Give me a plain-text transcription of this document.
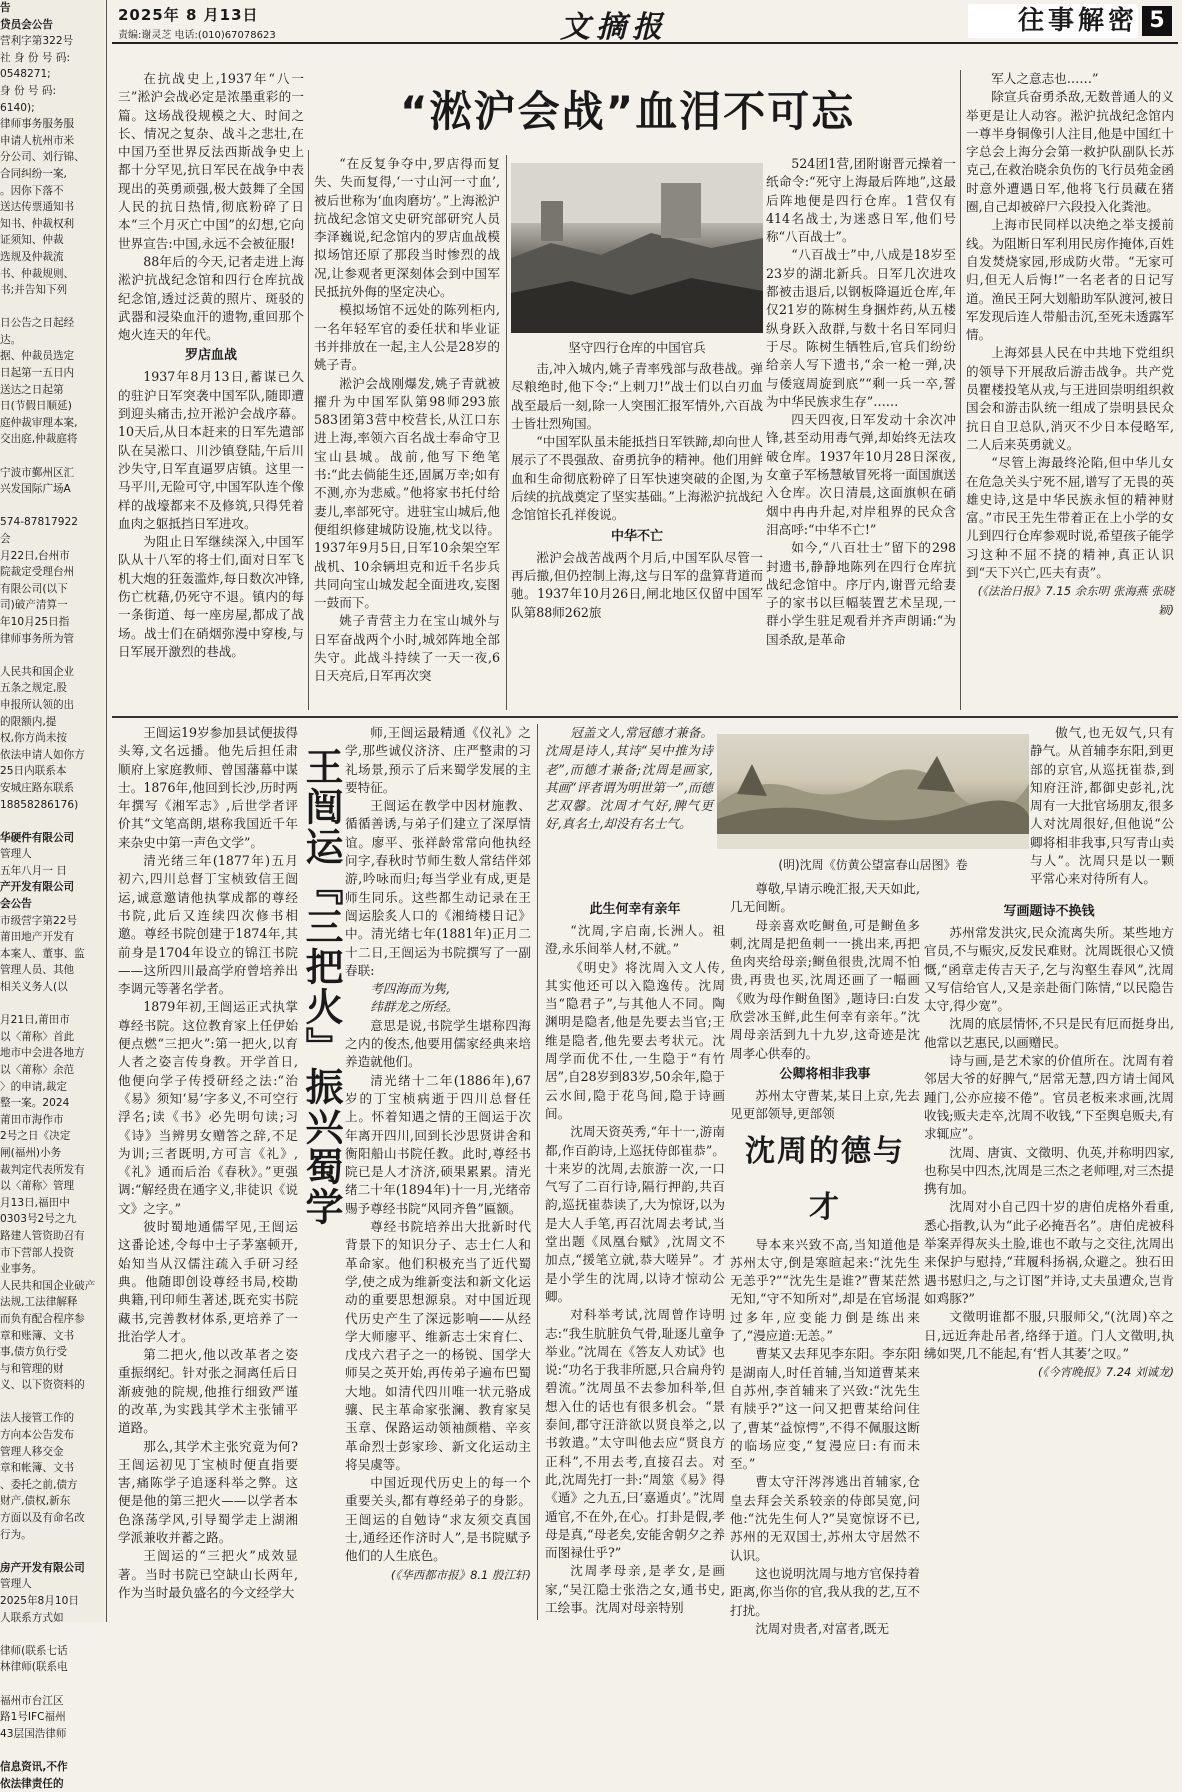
告
贷员会公告
营利字第322号
社 身 份 号 码:
0548271;
身 份 号 码:
6140);
律师事务服务服
申请人杭州市米
分公司、刘行锦、
合同纠纷一案,
。因你下落不
送达传票通知书
知书、仲裁权利
证须知、仲裁
选规及仲裁流
书、仲裁规则、
书;并告知下列

日公告之日起经
达。
据、仲裁员选定
日起第一五日内
送达之日起第
日(节假日顺延)
庭仲裁审理本案,
交出庭,仲裁庭将

宁波市鄞州区汇
兴发国际广场A

574-87817922
会
月22日,台州市
院裁定受理台州
有限公司(以下
司)破产清算一
年10月25日指
律师事务所为管

人民共和国企业
五条之规定,股
申报所认领的出
的限额内,提
权,你方尚未按
依法申请人如你方
25日内联系本
安城庄路东联系
18858286176)

华硬件有限公司
管理人
五年八月一 日
产开发有限公司
会公告
市级营字第22号
莆田地产开发有
本案人、董事、监
管理人员、其他
相关义务人(以

月21日,莆田市
以〈莆称〉首此
地市中会进各地方
以〈莆称〉余范
〉的申请,裁定
整一案。2024
莆田市海作市
2号之日《决定
闸(福州)小务
裁判定代表所发有
以〈莆称〉管理
月13日,福田中
0303号2号之九
路建人管资助召有
市下营部人投资
业事务。
人民共和国企业破产
法规,工法律解释
而负有配合程序参
章和账簿、文书
事,债方负行受
与和管理的财
义、以下资资料的

法人接管工作的
方向本公告发布
管理人移交金
章和帐簿、文书
、委托之前,债方
财产,债权,新东
方面以及有命名改
行为。

房产开发有限公司
管理人
2025年8月10日
人联系方式如

律师(联系七话
林律师(联系电

福州市台江区
路1号IFC福州
43层国浩律师

信息资讯,不作
依法律责任的
2025年 8 月13日
责编:谢灵芝 电话:(010)67078623	文摘报	往事解密 5
“淞沪会战”血泪不可忘

在抗战史上,1937年“八一三”淞沪会战必定是浓墨重彩的一篇。这场战役规模之大、时间之长、情况之复杂、战斗之悲壮,在中国乃至世界反法西斯战争史上都十分罕见,抗日军民在战争中表现出的英勇顽强,极大鼓舞了全国人民的抗日热情,彻底粉碎了日本“三个月灭亡中国”的幻想,它向世界宣告:中国,永远不会被征服!

88年后的今天,记者走进上海淞沪抗战纪念馆和四行仓库抗战纪念馆,透过泛黄的照片、斑驳的武器和浸染血汗的遗物,重回那个炮火连天的年代。

罗店血战

1937年8月13日,蓄谋已久的驻沪日军突袭中国军队,随即遭到迎头痛击,拉开淞沪会战序幕。10天后,从日本赶来的日军先遣部队在吴淞口、川沙镇登陆,午后川沙失守,日军直逼罗店镇。这里一马平川,无险可守,中国军队连个像样的战壕都来不及修筑,只得凭着血肉之躯抵挡日军进攻。

为阻止日军继续深入,中国军队从十八军的将士们,面对日军飞机大炮的狂轰滥炸,每日数次冲锋,伤亡枕藉,仍死守不退。镇内的每一条街道、每一座房屋,都成了战场。战士们在硝烟弥漫中穿梭,与日军展开激烈的巷战。

“在反复争夺中,罗店得而复失、失而复得,‘一寸山河一寸血’,被后世称为‘血肉磨坊’。”上海淞沪抗战纪念馆文史研究部研究人员李泽巍说,纪念馆内的罗店血战模拟场馆还原了那段当时惨烈的战况,让参观者更深刻体会到中国军民抵抗外侮的坚定决心。

模拟场馆不远处的陈列柜内,一名年轻军官的委任状和毕业证书并排放在一起,主人公是28岁的姚子青。

淞沪会战刚爆发,姚子青就被擢升为中国军队第98师293旅583团第3营中校营长,从江口东进上海,率领六百名战士奉命守卫宝山县城。战前,他写下绝笔书:“此去倘能生还,固属万幸;如有不测,亦为悲威。”他将家书托付给妻儿,率部死守。进驻宝山城后,他便组织修建城防设施,枕戈以待。1937年9月5日,日军10余架空军战机、10余辆坦克和近千名步兵共同向宝山城发起全面进攻,妄图一鼓而下。

姚子青营主力在宝山城外与日军奋战两个小时,城郊阵地全部失守。此战斗持续了一天一夜,6日天亮后,日军再次突

坚守四行仓库的中国官兵

击,冲入城内,姚子青率残部与敌巷战。弹尽粮绝时,他下令:“上刺刀!”战士们以白刃血战至最后一刻,除一人突围汇报军情外,六百战士皆壮烈殉国。

“中国军队虽未能抵挡日军铁蹄,却向世人展示了不畏强敌、奋勇抗争的精神。他们用鲜血和生命彻底粉碎了日军快速突破的企图,为后续的抗战奠定了坚实基础。”上海淞沪抗战纪念馆馆长孔祥俊说。

中华不亡

淞沪会战苦战两个月后,中国军队尽管一再后撤,但仍控制上海,这与日军的盘算背道而驰。1937年10月26日,闸北地区仅留中国军队第88师262旅

524团1营,团附谢晋元操着一纸命令:“死守上海最后阵地”,这最后阵地便是四行仓库。1营仅有414名战士,为迷惑日军,他们号称“八百战士”。

“八百战士”中,八成是18岁至23岁的湖北新兵。日军几次进攻都被击退后,以钢板降逼近仓库,年仅21岁的陈树生身捆炸药,从五楼纵身跃入敌群,与数十名日军同归于尽。陈树生牺牲后,官兵们纷纷给亲人写下遗书,“余一枪一弹,决与倭寇周旋到底”“剩一兵一卒,誓为中华民族求生存”……

四天四夜,日军发动十余次冲锋,甚至动用毒气弹,却始终无法攻破仓库。1937年10月28日深夜,女童子军杨慧敏冒死将一面国旗送入仓库。次日清晨,这面旗帜在硝烟中冉冉升起,对岸租界的民众含泪高呼:“中华不亡!”

如今,“八百壮士”留下的298封遗书,静静地陈列在四行仓库抗战纪念馆中。序厅内,谢晋元给妻子的家书以巨幅装置艺术呈现,一群小学生驻足观看并齐声朗诵:“为国杀敌,是革命

军人之意志也……”

除宣兵奋勇杀敌,无数普通人的义举更是让人动容。淞沪抗战纪念馆内一尊半身铜像引人注目,他是中国红十字总会上海分会第一救护队副队长苏克己,在救治晓余负伤的飞行员苑金函时意外遭遇日军,他将飞行员藏在猪圈,自己却被碎尸六段投入化粪池。

上海市民同样以决绝之举支援前线。为阻断日军利用民房作掩体,百姓自发焚烧家园,形成防火带。“无家可归,但无人后悔!”一名老者的日记写道。渔民王阿大划船助军队渡河,被日军发现后连人带船击沉,至死未透露军情。

上海郊县人民在中共地下党组织的领导下开展敌后游击战争。共产党员瞿楼投笔从戎,与王进回崇明组织救国会和游击队统一组成了崇明县民众抗日自卫总队,消灭不少日本侵略军,二人后来英勇就义。

“尽管上海最终沦陷,但中华儿女在危急关头宁死不屈,谱写了无畏的英雄史诗,这是中华民族永恒的精神财富。”市民王先生带着正在上小学的女儿到四行仓库参观时说,希望孩子能学习这种不屈不挠的精神,真正认识到“天下兴亡,匹夫有责”。

(《法治日报》7.15 余东明 张海燕 张晓颖)

王闿运19岁参加县试便拔得头筹,文名远播。他先后担任肃顺府上家庭教师、曾国藩幕中谋士。1876年,他回到长沙,历时两年撰写《湘军志》,后世学者评价其“文笔高朗,堪称我国近千年来杂史中第一声色文学”。

清光绪三年(1877年)五月初六,四川总督丁宝桢致信王闿运,诚意邀请他执掌成都的尊经书院,此后又连续四次修书相邀。尊经书院创建于1874年,其前身是1704年设立的锦江书院——这所四川最高学府曾培养出李调元等著名学者。

1879年初,王闿运正式执掌尊经书院。这位教育家上任伊始便点燃“三把火”:第一把火,以育人者之姿言传身教。开学首日,他便向学子传授研经之法:“治《易》须知‘易’字多义,不可空行浮名;读《书》必先明句读;习《诗》当辨男女赠答之辞,不足为训;三者既明,方可言《礼》,《礼》通而后治《春秋》。”更强调:“解经贵在通字义,非徒识《说文》之字。”

彼时蜀地通儒罕见,王闿运这番论述,令每中士子茅塞顿开,始知当从汉儒注疏入手研习经典。他随即创设尊经书局,校勘典籍,刊印师生著述,既充实书院藏书,完善教材体系,更培养了一批治学人才。

第二把火,他以改革者之姿重振纲纪。针对张之洞离任后日渐疲弛的院规,他推行细致严谨的改革,为实践其学术主张铺平道路。

那么,其学术主张究竟为何?王闿运初见丁宝桢时便直指要害,痛陈学子追逐科举之弊。这便是他的第三把火——以学者本色涤荡学风,引导蜀学走上湖湘学派兼收并蓄之路。

王闿运的“三把火”成效显著。当时书院已空缺山长两年,作为当时最负盛名的今文经学大

王闿运『三把火』振兴蜀学

师,王闿运最精通《仪礼》之学,那些诚仪济济、庄严整肃的习礼场景,预示了后来蜀学发展的主要特征。

王闿运在教学中因材施教、循循善诱,与弟子们建立了深厚情谊。廖平、张祥龄常常向他执经问字,春秋时节师生数人常结伴郊游,吟咏而归;每当学业有成,更是师生同乐。这些都生动记录在王闿运脍炙人口的《湘绮楼日记》中。清光绪七年(1881年)正月二十二日,王闿运为书院撰写了一副春联:

考四海而为隽,

纬群龙之所经。

意思是说,书院学生堪称四海之内的俊杰,他要用儒家经典来培养造就他们。

清光绪十二年(1886年),67岁的丁宝桢病逝于四川总督任上。怀着知遇之情的王闿运于次年离开四川,回到长沙思贤讲舍和衡阳船山书院任教。此时,尊经书院已是人才济济,硕果累累。清光绪二十年(1894年)十一月,光绪帝赐予尊经书院“风同齐鲁”匾额。

尊经书院培养出大批新时代背景下的知识分子、志士仁人和革命家。他们积极充当了近代蜀学,使之成为维新变法和新文化运动的重要思想源泉。对中国近现代历史产生了深远影响——从经学大师廖平、维新志士宋育仁、戊戌六君子之一的杨锐、国学大师吴之英开始,再传弟子遍布巴蜀大地。如清代四川唯一状元骆成骧、民主革命家张澜、教育家吴玉章、保路运动领袖颜楷、辛亥革命烈士彭家珍、新文化运动主将吴虞等。

中国近现代历史上的每一个重要关头,都有尊经弟子的身影。王闿运的自勉诗“求友须交真国士,通经还作济时人”,是书院赋予他们的人生底色。

(《华西都市报》8.1 殷江轩)

冠盖文人,常冠德才兼备。沈周是诗人,其诗“吴中推为诗老”,而德才兼备;沈周是画家,其画“评者谓为明世第一”,而德艺双馨。沈周才气好,脾气更好,真名士,却没有名士气。

(明)沈周《仿黄公望富春山居图》卷

此生何幸有亲年

“沈周,字启南,长洲人。祖澄,永乐间举人材,不就。”

《明史》将沈周入文人传,其实他还可以入隐逸传。沈周当“隐君子”,与其他人不同。陶渊明是隐者,他是先要去当官;王维是隐者,他先要去考状元。沈周学而优不仕,一生隐于“有竹居”,自28岁到83岁,50余年,隐于云水间,隐于花鸟间,隐于诗画间。

沈周天资英秀,“年十一,游南都,作百韵诗,上巡抚侍郎崔恭”。十来岁的沈周,去旅游一次,一口气写了二百行诗,隔行押韵,共百韵,巡抚崔恭读了,大为惊讶,以为是大人手笔,再召沈周去考试,当堂出题《凤凰台赋》,沈周文不加点,“援笔立就,恭大嗟异”。才是小学生的沈周,以诗才惊动公卿。

对科举考试,沈周曾作诗明志:“我生肮脏负气骨,耻逐儿童争举业。”沈周在《答友人劝试》也说:“功名于我非所愿,只合扁舟钓碧流。”沈周虽不去参加科举,但想入仕的话也有很多机会。“景泰间,郡守汪浒欲以贤良举之,以书敦遣。”太守叫他去应“贤良方正科”,不用去考,直接召去。对此,沈周先打一卦:“周筮《易》得《遁》之九五,曰‘嘉遁贞’。”沈周遁官,不在外,在心。打卦是假,孝母是真,“母老矣,安能舍朝夕之养而图禄仕乎?”

沈周孝母亲,是孝女,是画家,“吴江隐士张浩之女,通书史,工绘事。沈周对母亲特别

尊敬,早请示晚汇报,天天如此,几无间断。

母亲喜欢吃鲥鱼,可是鲥鱼多刺,沈周是把鱼刺一一挑出来,再把鱼肉夹给母亲;鲥鱼很贵,沈周不怕贵,再贵也买,沈周还画了一幅画《败为母作鲥鱼图》,题诗曰:白发欣尝冰玉鲜,此生何幸有亲年。”沈周母亲活到九十九岁,这奇迹是沈周孝心供奉的。

公卿将相非我事

苏州太守曹某,某日上京,先去见更部领导,更部领

沈周的德与才

导本来兴致不高,当知道他是苏州太守,倒是寒暄起来:“沈先生无恙乎?”“沈先生是谁?”曹某茫然无知,“守不知所对”,却是在官场混过多年,应变能力倒是练出来了,“漫应道:无恙。”

曹某又去拜见李东阳。李东阳是湖南人,时任首辅,当知道曹某来自苏州,李首辅来了兴致:“沈先生有牍乎?”这一问又把曹某给问住了,曹某“益惊愕”,不得不佩服这断的临场应变,“复漫应曰:有而未至。”

曹太守汗涔涔逃出首辅家,仓皇去拜会关系较亲的侍郎吴宽,问他:“沈先生何人?”吴宽惊讶不已,苏州的无双国士,苏州太守居然不认识。

这也说明沈周与地方官保持着距离,你当你的官,我从我的艺,互不打扰。

沈周对贵者,对富者,既无

傲气,也无奴气,只有静气。从首辅李东阳,到更部的京官,从巡抚崔恭,到知府汪浒,都御史彭礼,沈周有一大批官场朋友,很多人对沈周很好,但他说“公卿将相非我事,只写青山卖与人”。沈周只是以一颗平常心来对待所有人。

写画题诗不换钱

苏州常发洪灾,民众流离失所。某些地方官员,不与赈灾,反发民难财。沈周既很心又愤慨,“函章走传吉天子,乞与沟壑生春风”,沈周又写信给官人,又是亲赴衙门陈情,“以民隐告太守,得少宽”。

沈周的底层情怀,不只是民有厄而挺身出,他常以艺惠民,以画赠民。

诗与画,是艺术家的价值所在。沈周有着邻居大爷的好脾气,“居常无慧,四方请士闻风踵门,公亦应接不倦”。官员老板来求画,沈周收钱;贩夫走卒,沈周不收钱,“下至舆皂贩夫,有求辄应”。

沈周、唐寅、文徵明、仇英,并称明四家,也称吴中四杰,沈周是三杰之老师哩,对三杰提携有加。

沈周对小自己四十岁的唐伯虎格外看重,悉心指教,认为“此子必掩吾名”。唐伯虎被科举案弄得灰头土脸,谁也不敢与之交往,沈周出来保护与慰持,“茸履科扬祸,众避之。独石田遇书慰归之,与之订图”并诗,丈夫虽遭众,岂肯如鸡豚?”

文徵明谁都不服,只服师父,“(沈周)卒之日,远近奔赴吊者,络绎于道。门人文徵明,执绋如哭,几不能起,有‘哲人其萎’之叹。”

(《今宵晚报》7.24 刘诚龙)
